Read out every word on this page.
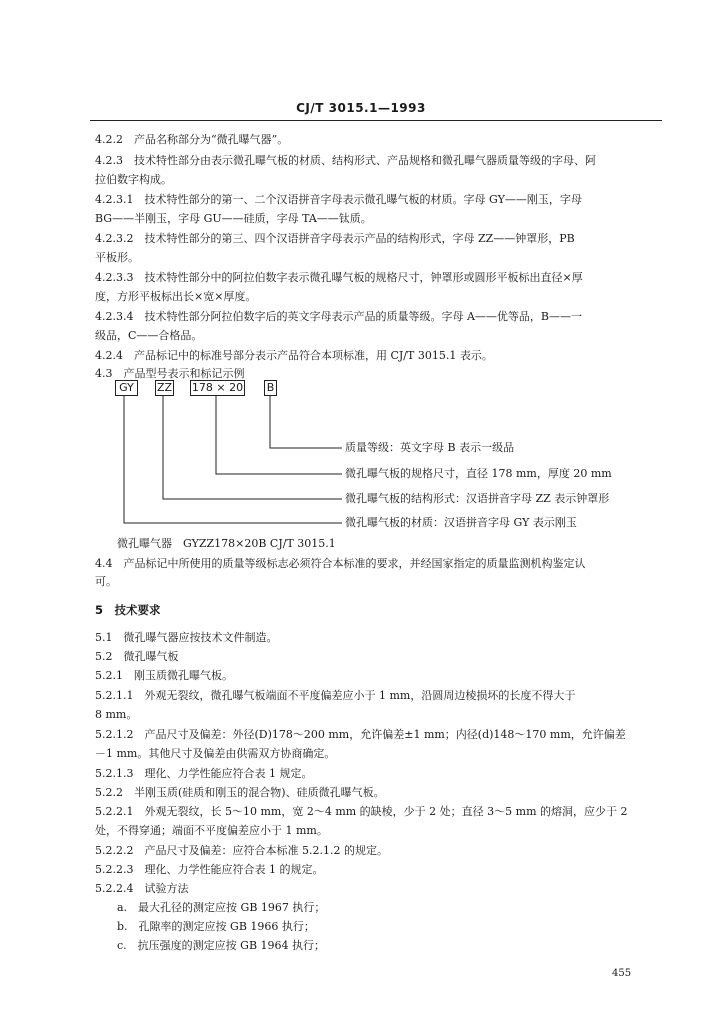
CJ/T 3015.1—1993
4.2.2　产品名称部分为“微孔曝气器”。
4.2.3　技术特性部分由表示微孔曝气板的材质、结构形式、产品规格和微孔曝气器质量等级的字母、阿
拉伯数字构成。
4.2.3.1　技术特性部分的第一、二个汉语拼音字母表示微孔曝气板的材质。字母 GY——刚玉，字母
BG——半刚玉，字母 GU——硅质，字母 TA——钛质。
4.2.3.2　技术特性部分的第三、四个汉语拼音字母表示产品的结构形式，字母 ZZ——钟罩形，PB
平板形。
4.2.3.3　技术特性部分中的阿拉伯数字表示微孔曝气板的规格尺寸，钟罩形或圆形平板标出直径×厚
度，方形平板标出长×宽×厚度。
4.2.3.4　技术特性部分阿拉伯数字后的英文字母表示产品的质量等级。字母 A——优等品，B——一
级品，C——合格品。
4.2.4　产品标记中的标准号部分表示产品符合本项标准，用 CJ/T 3015.1 表示。
4.3　产品型号表示和标记示例
GY	ZZ 178 × 20 B
质量等级：英文字母 B 表示一级品
微孔曝气板的规格尺寸，直径 178 mm，厚度 20 mm
微孔曝气板的结构形式：汉语拼音字母 ZZ 表示钟罩形
微孔曝气板的材质：汉语拼音字母 GY 表示刚玉
微孔曝气器　GYZZ178×20B CJ/T 3015.1
4.4　产品标记中所使用的质量等级标志必须符合本标准的要求，并经国家指定的质量监测机构鉴定认
可。
5　技术要求
5.1　微孔曝气器应按技术文件制造。
5.2　微孔曝气板
5.2.1　刚玉质微孔曝气板。
5.2.1.1　外观无裂纹，微孔曝气板端面不平度偏差应小于 1 mm，沿圆周边棱损坏的长度不得大于
8 mm。
5.2.1.2　产品尺寸及偏差：外径(D)178～200 mm，允许偏差±1 mm；内径(d)148～170 mm，允许偏差
－1 mm。其他尺寸及偏差由供需双方协商确定。
5.2.1.3　理化、力学性能应符合表 1 规定。
5.2.2　半刚玉质(硅质和刚玉的混合物)、硅质微孔曝气板。
5.2.2.1　外观无裂纹，长 5～10 mm，宽 2～4 mm 的缺棱，少于 2 处；直径 3～5 mm 的熔洞，应少于 2
处，不得穿通；端面不平度偏差应小于 1 mm。
5.2.2.2　产品尺寸及偏差：应符合本标准 5.2.1.2 的规定。
5.2.2.3　理化、力学性能应符合表 1 的规定。
5.2.2.4　试验方法
a.　最大孔径的测定应按 GB 1967 执行；
b.　孔隙率的测定应按 GB 1966 执行；
c.　抗压强度的测定应按 GB 1964 执行；
455
